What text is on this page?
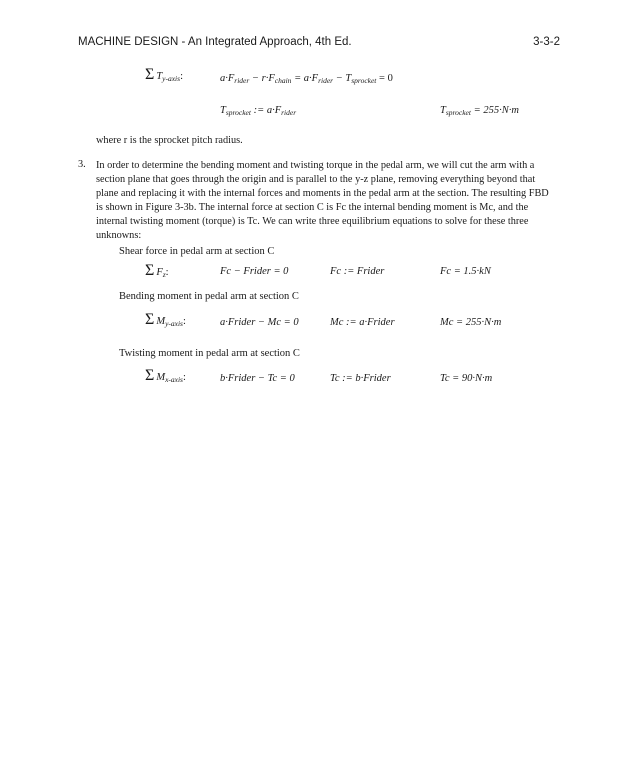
MACHINE DESIGN - An Integrated Approach, 4th Ed.	3-3-2
Σ $T_{y-axis}$:	$a\cdot F_{rider} - r\cdot F_{chain} = a\cdot F_{rider} - T_{sprocket} = 0$
$T_{sprocket}$ := $a\cdot F_{rider}$	$T_{sprocket} = 255\cdot N\cdot m$
where r is the sprocket pitch radius.
3. In order to determine the bending moment and twisting torque in the pedal arm, we will cut the arm with a section plane that goes through the origin and is parallel to the y-z plane, removing everything beyond that plane and replacing it with the internal forces and moments in the pedal arm at the section. The resulting FBD is shown in Figure 3-3b. The internal force at section C is Fc the internal bending moment is Mc, and the internal twisting moment (torque) is Tc. We can write three equilibrium equations to solve for these three unknowns:
Shear force in pedal arm at section C
Σ $F_z$:	Fc − Frider = 0	Fc := Frider	Fc = 1.5·kN
Bending moment in pedal arm at section C
Σ $M_{y-axis}$:	a·Frider − Mc = 0	Mc := a·Frider	Mc = 255·N·m
Twisting moment in pedal arm at section C
Σ $M_{x-axis}$:	b·Frider − Tc = 0	Tc := b·Frider	Tc = 90·N·m
